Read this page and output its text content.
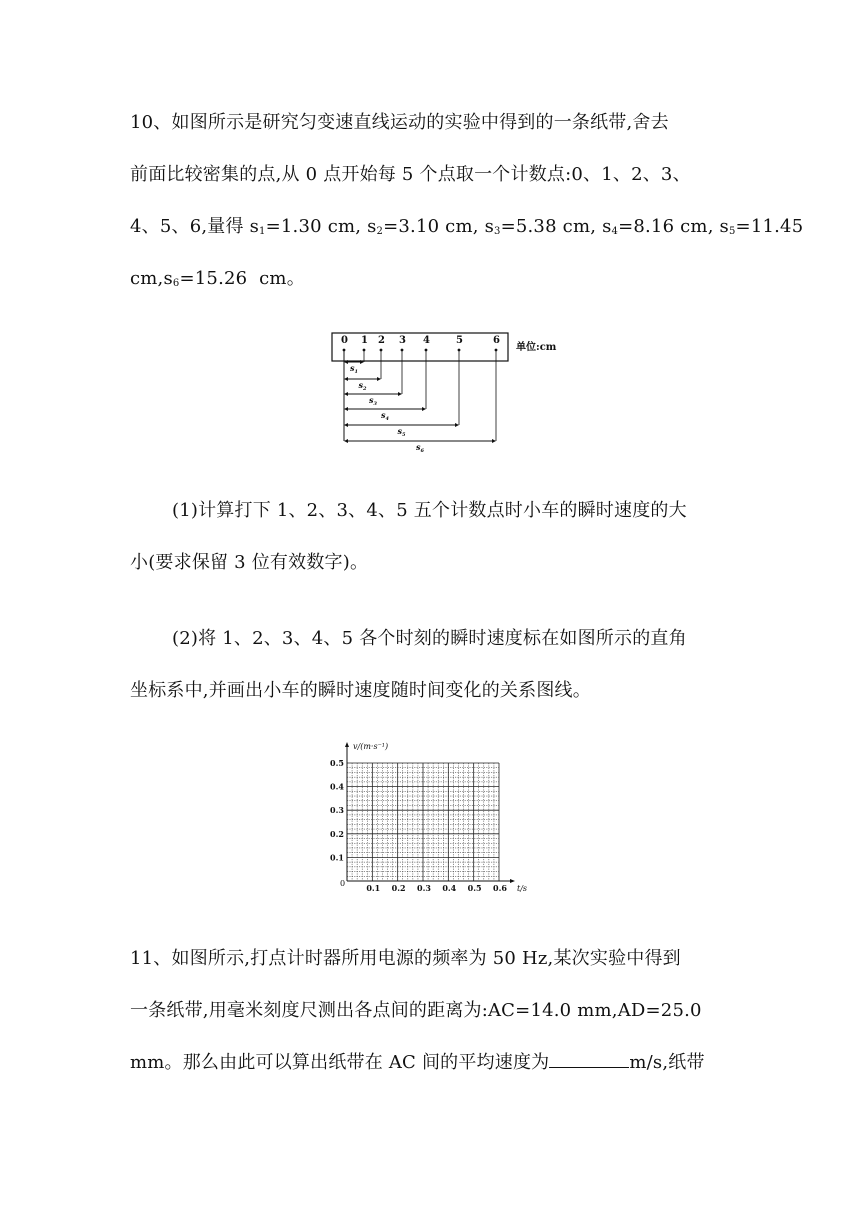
10、如图所示是研究匀变速直线运动的实验中得到的一条纸带,舍去
前面比较密集的点,从 0 点开始每 5 个点取一个计数点:0、1、2、3、
4、5、6,量得 $s_1=1.30$ cm, $s_2=3.10$ cm, $s_3=5.38$ cm, $s_4=8.16$ cm, $s_5=11.45$
$cm,s_6=15.26$  cm。
0 1 2 3 4	5	6
单位:cm
$s_1$
$s_2$
$s_3$
$s_4$
$s_5$
$s_6$
(1)计算打下 1、2、3、4、5 五个计数点时小车的瞬时速度的大
小(要求保留 3 位有效数字)。
(2)将 1、2、3、4、5 各个时刻的瞬时速度标在如图所示的直角
坐标系中,并画出小车的瞬时速度随时间变化的关系图线。
v/(m·s⁻¹)
t/s
0	0.1 0.2 0.3 0.4 0.5 0.6
0.1
0.2
0.3
0.4
0.5
11、如图所示,打点计时器所用电源的频率为 50 Hz,某次实验中得到
一条纸带,用毫米刻度尺测出各点间的距离为:AC=14.0 mm,AD=25.0
mm。那么由此可以算出纸带在 AC 间的平均速度为	m/s,纸带
